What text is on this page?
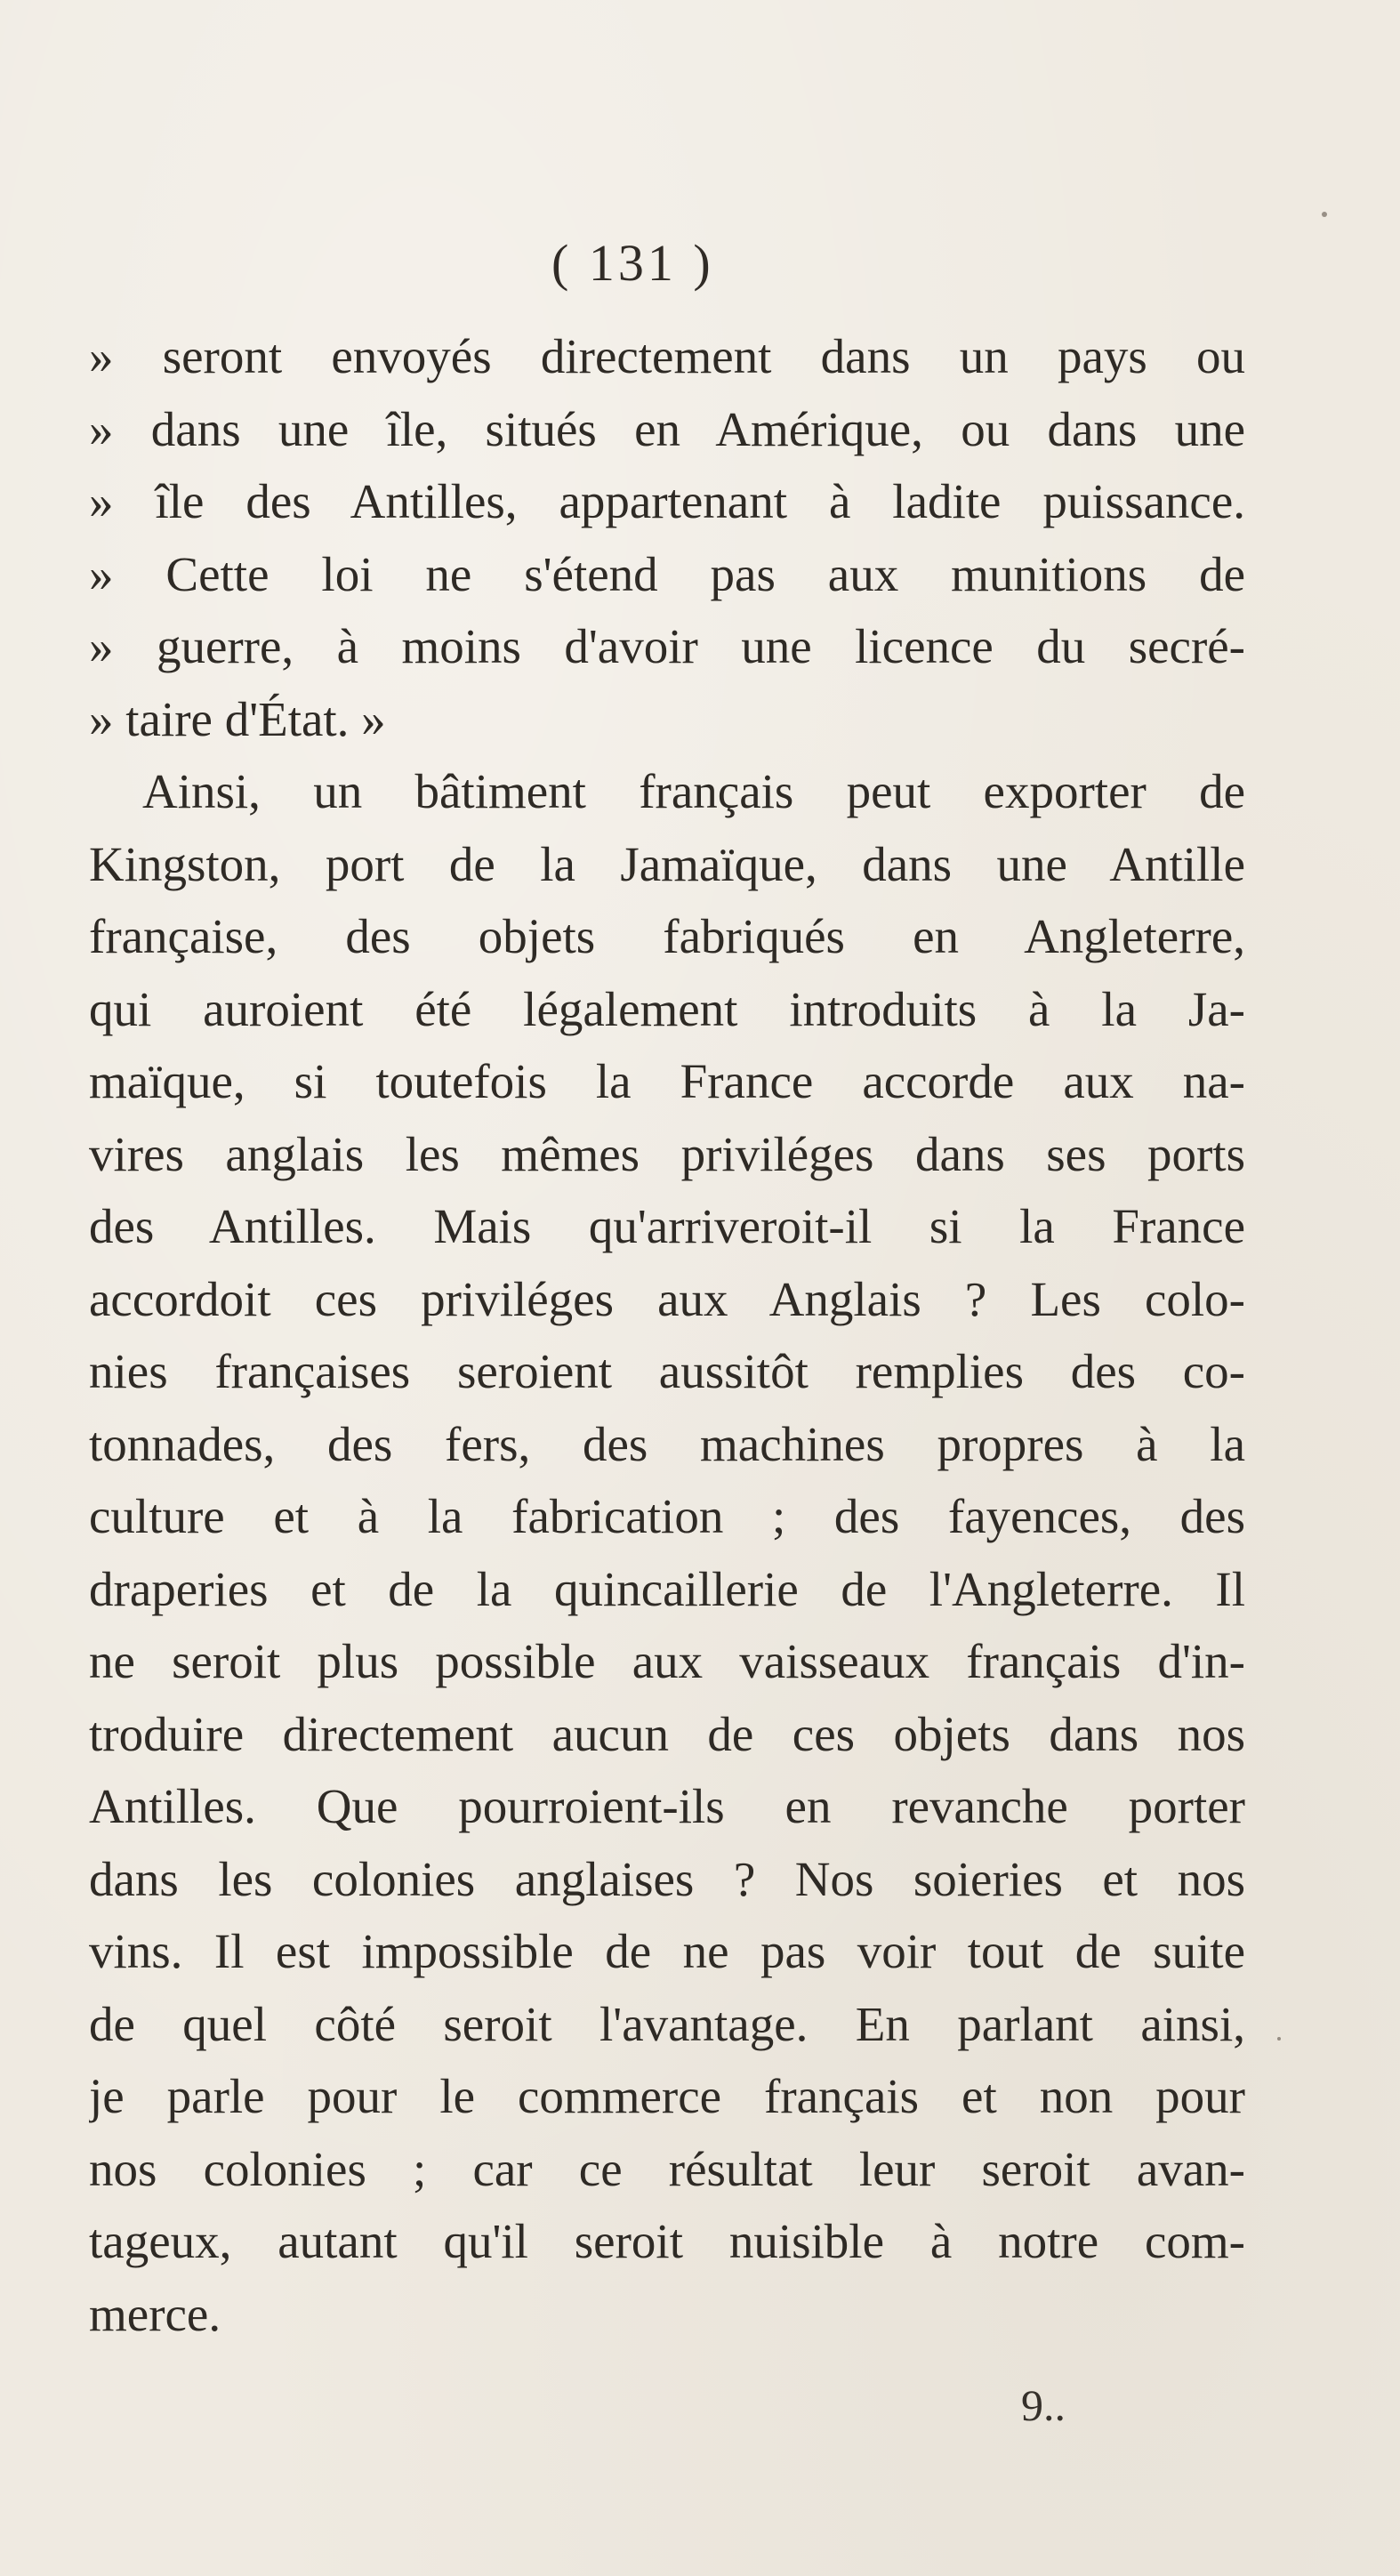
( 131 )
» seront envoyés directement dans un pays ou
» dans une île, situés en Amérique, ou dans une
» île des Antilles, appartenant à ladite puissance.
» Cette loi ne s'étend pas aux munitions de
» guerre, à moins d'avoir une licence du secré-
» taire d'État. »
Ainsi, un bâtiment français peut exporter de
Kingston, port de la Jamaïque, dans une Antille
française, des objets fabriqués en Angleterre,
qui auroient été légalement introduits à la Ja-
maïque, si toutefois la France accorde aux na-
vires anglais les mêmes priviléges dans ses ports
des Antilles. Mais qu'arriveroit-il si la France
accordoit ces priviléges aux Anglais ? Les colo-
nies françaises seroient aussitôt remplies des co-
tonnades, des fers, des machines propres à la
culture et à la fabrication ; des fayences, des
draperies et de la quincaillerie de l'Angleterre. Il
ne seroit plus possible aux vaisseaux français d'in-
troduire directement aucun de ces objets dans nos
Antilles. Que pourroient-ils en revanche porter
dans les colonies anglaises ? Nos soieries et nos
vins. Il est impossible de ne pas voir tout de suite
de quel côté seroit l'avantage. En parlant ainsi,
je parle pour le commerce français et non pour
nos colonies ; car ce résultat leur seroit avan-
tageux, autant qu'il seroit nuisible à notre com-
merce.
9..
